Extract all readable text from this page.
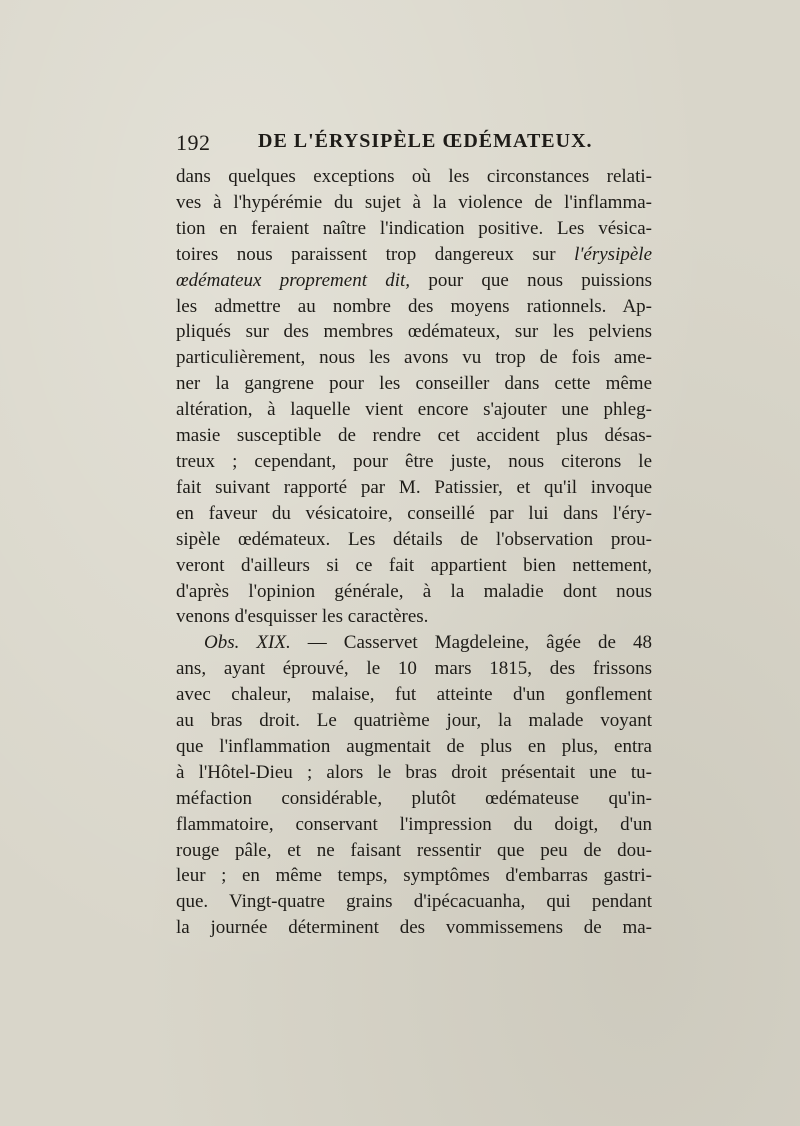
192 DE L'ÉRYSIPÈLE ŒDÉMATEUX.
dans quelques exceptions où les circonstances relati-
ves à l'hypérémie du sujet à la violence de l'inflamma-
tion en feraient naître l'indication positive. Les vésica-
toires nous paraissent trop dangereux sur l'érysipèle
œdémateux proprement dit, pour que nous puissions
les admettre au nombre des moyens rationnels. Ap-
pliqués sur des membres œdémateux, sur les pelviens
particulièrement, nous les avons vu trop de fois ame-
ner la gangrene pour les conseiller dans cette même
altération, à laquelle vient encore s'ajouter une phleg-
masie susceptible de rendre cet accident plus désas-
treux ; cependant, pour être juste, nous citerons le
fait suivant rapporté par M. Patissier, et qu'il invoque
en faveur du vésicatoire, conseillé par lui dans l'éry-
sipèle œdémateux. Les détails de l'observation prou-
veront d'ailleurs si ce fait appartient bien nettement,
d'après l'opinion générale, à la maladie dont nous
venons d'esquisser les caractères.
Obs. XIX. — Casservet Magdeleine, âgée de 48
ans, ayant éprouvé, le 10 mars 1815, des frissons
avec chaleur, malaise, fut atteinte d'un gonflement
au bras droit. Le quatrième jour, la malade voyant
que l'inflammation augmentait de plus en plus, entra
à l'Hôtel-Dieu ; alors le bras droit présentait une tu-
méfaction considérable, plutôt œdémateuse qu'in-
flammatoire, conservant l'impression du doigt, d'un
rouge pâle, et ne faisant ressentir que peu de dou-
leur ; en même temps, symptômes d'embarras gastri-
que. Vingt-quatre grains d'ipécacuanha, qui pendant
la journée déterminent des vommissemens de ma-
